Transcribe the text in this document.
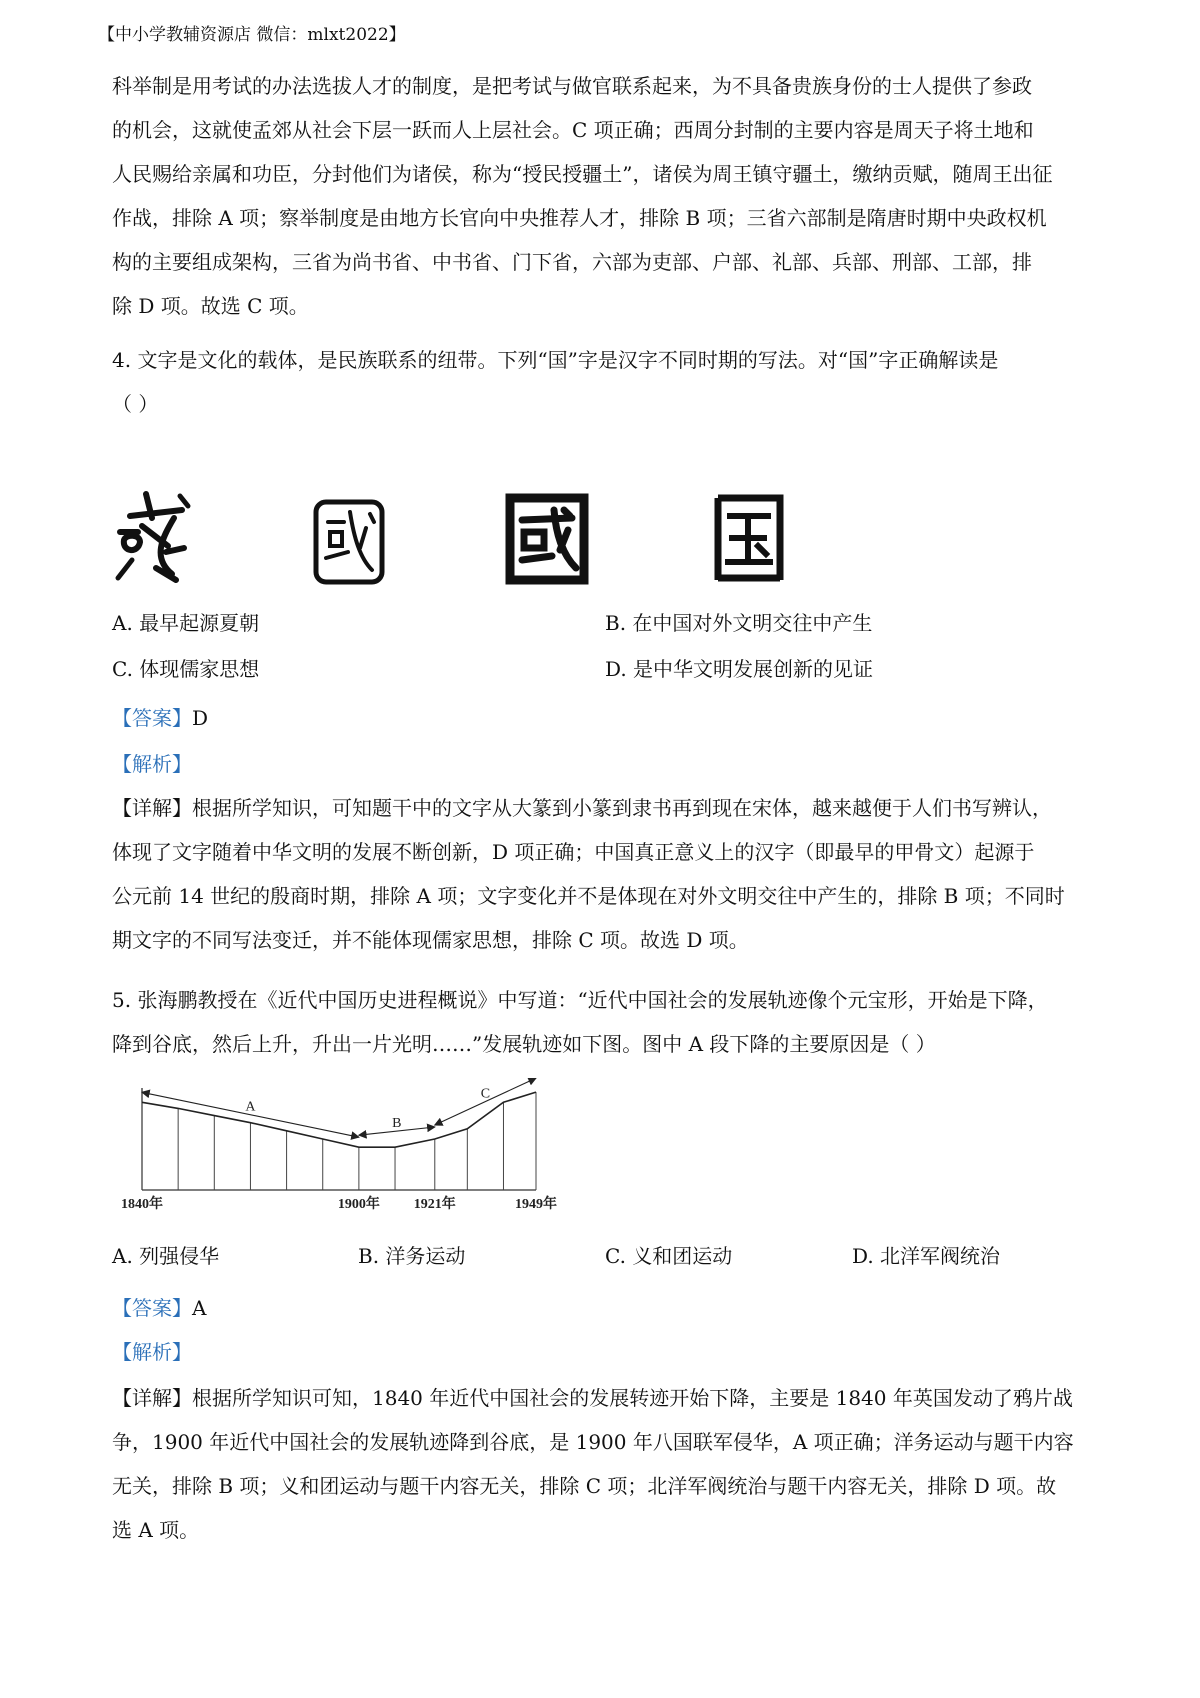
【中小学教辅资源店 微信：mlxt2022】
科举制是用考试的办法选拔人才的制度，是把考试与做官联系起来，为不具备贵族身份的士人提供了参政
的机会，这就使孟郊从社会下层一跃而人上层社会。C 项正确；西周分封制的主要内容是周天子将土地和
人民赐给亲属和功臣，分封他们为诸侯，称为“授民授疆土”，诸侯为周王镇守疆土，缴纳贡赋，随周王出征
作战，排除 A 项；察举制度是由地方长官向中央推荐人才，排除 B 项；三省六部制是隋唐时期中央政权机
构的主要组成架构，三省为尚书省、中书省、门下省，六部为吏部、户部、礼部、兵部、刑部、工部，排
除 D 项。故选 C 项。
4. 文字是文化的载体，是民族联系的纽带。下列“国”字是汉字不同时期的写法。对“国”字正确解读是
（ ）
A. 最早起源夏朝	B. 在中国对外文明交往中产生
C. 体现儒家思想	D. 是中华文明发展创新的见证
【答案】D
【解析】
【详解】根据所学知识，可知题干中的文字从大篆到小篆到隶书再到现在宋体，越来越便于人们书写辨认，
体现了文字随着中华文明的发展不断创新，D 项正确；中国真正意义上的汉字（即最早的甲骨文）起源于
公元前 14 世纪的殷商时期，排除 A 项；文字变化并不是体现在对外文明交往中产生的，排除 B 项；不同时
期文字的不同写法变迁，并不能体现儒家思想，排除 C 项。故选 D 项。
5. 张海鹏教授在《近代中国历史进程概说》中写道：“近代中国社会的发展轨迹像个元宝形，开始是下降，
降到谷底，然后上升，升出一片光明……”发展轨迹如下图。图中 A 段下降的主要原因是（ ）
A
B
C
1840年	1900年 1921年	1949年
A. 列强侵华	B. 洋务运动	C. 义和团运动	D. 北洋军阀统治
【答案】A
【解析】
【详解】根据所学知识可知，1840 年近代中国社会的发展转迹开始下降，主要是 1840 年英国发动了鸦片战
争，1900 年近代中国社会的发展轨迹降到谷底，是 1900 年八国联军侵华，A 项正确；洋务运动与题干内容
无关，排除 B 项；义和团运动与题干内容无关，排除 C 项；北洋军阀统治与题干内容无关，排除 D 项。故
选 A 项。
